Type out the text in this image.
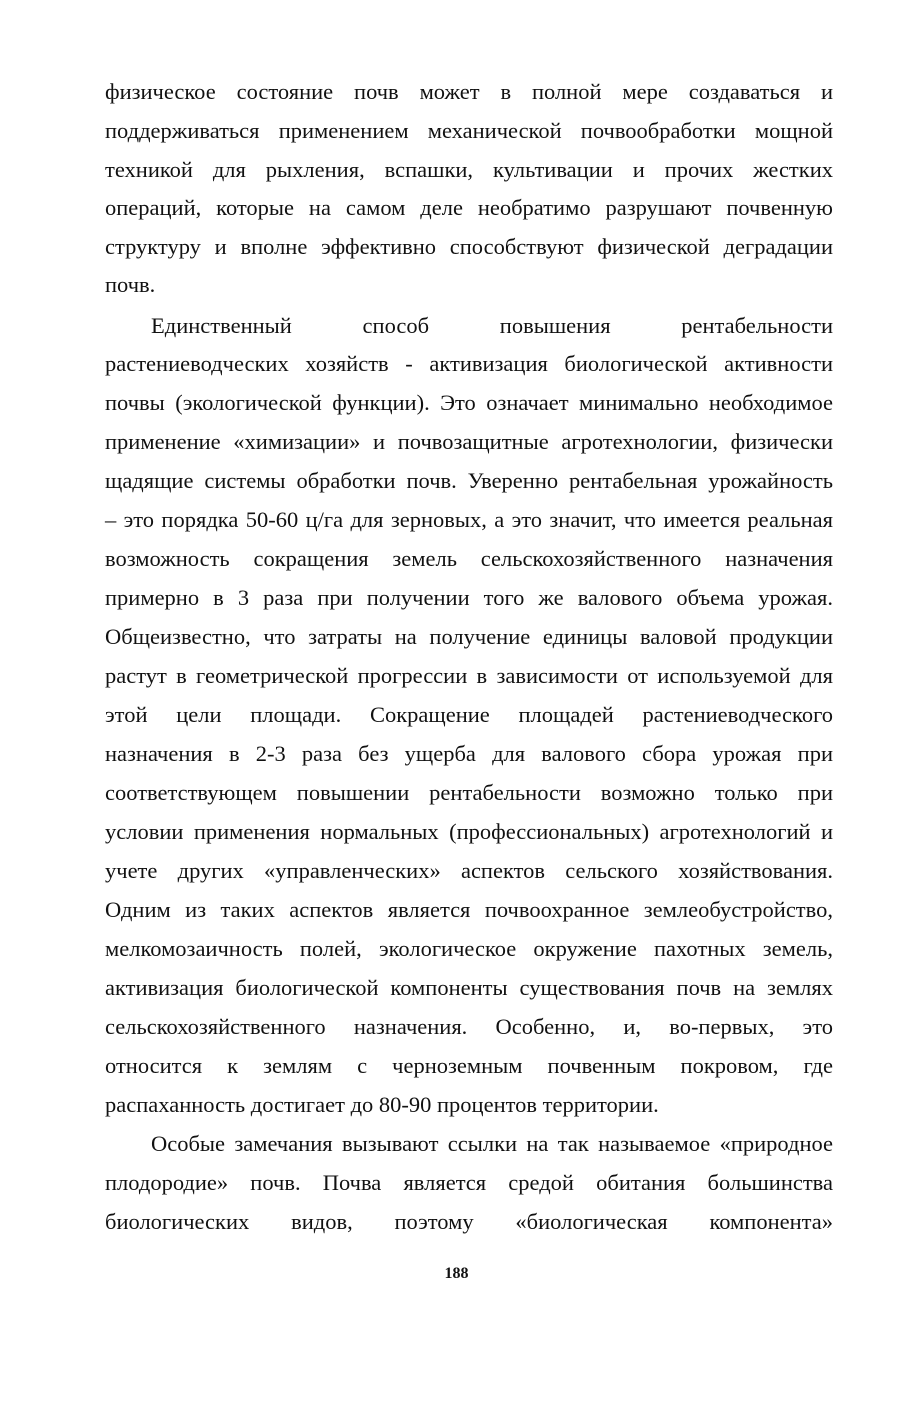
физическое состояние почв может в полной мере создаваться и
поддерживаться применением механической почвообработки мощной
техникой для рыхления, вспашки, культивации и прочих жестких
операций, которые на самом деле необратимо разрушают почвенную
структуру и вполне эффективно способствуют физической деградации
почв.
Единственный способ повышения рентабельности
растениеводческих хозяйств - активизация биологической активности
почвы (экологической функции). Это означает минимально необходимое
применение «химизации» и почвозащитные агротехнологии, физически
щадящие системы обработки почв. Уверенно рентабельная урожайность
– это порядка 50-60 ц/га для зерновых, а это значит, что имеется реальная
возможность сокращения земель сельскохозяйственного назначения
примерно в 3 раза при получении того же валового объема урожая.
Общеизвестно, что затраты на получение единицы валовой продукции
растут в геометрической прогрессии в зависимости от используемой для
этой цели площади. Сокращение площадей растениеводческого
назначения в 2-3 раза без ущерба для валового сбора урожая при
соответствующем повышении рентабельности возможно только при
условии применения нормальных (профессиональных) агротехнологий и
учете других «управленческих» аспектов сельского хозяйствования.
Одним из таких аспектов является почвоохранное землеобустройство,
мелкомозаичность полей, экологическое окружение пахотных земель,
активизация биологической компоненты существования почв на землях
сельскохозяйственного назначения. Особенно, и, во-первых, это
относится к землям с черноземным почвенным покровом, где
распаханность достигает до 80-90 процентов территории.
Особые замечания вызывают ссылки на так называемое «природное
плодородие» почв. Почва является средой обитания большинства
биологических видов, поэтому «биологическая компонента»
188
